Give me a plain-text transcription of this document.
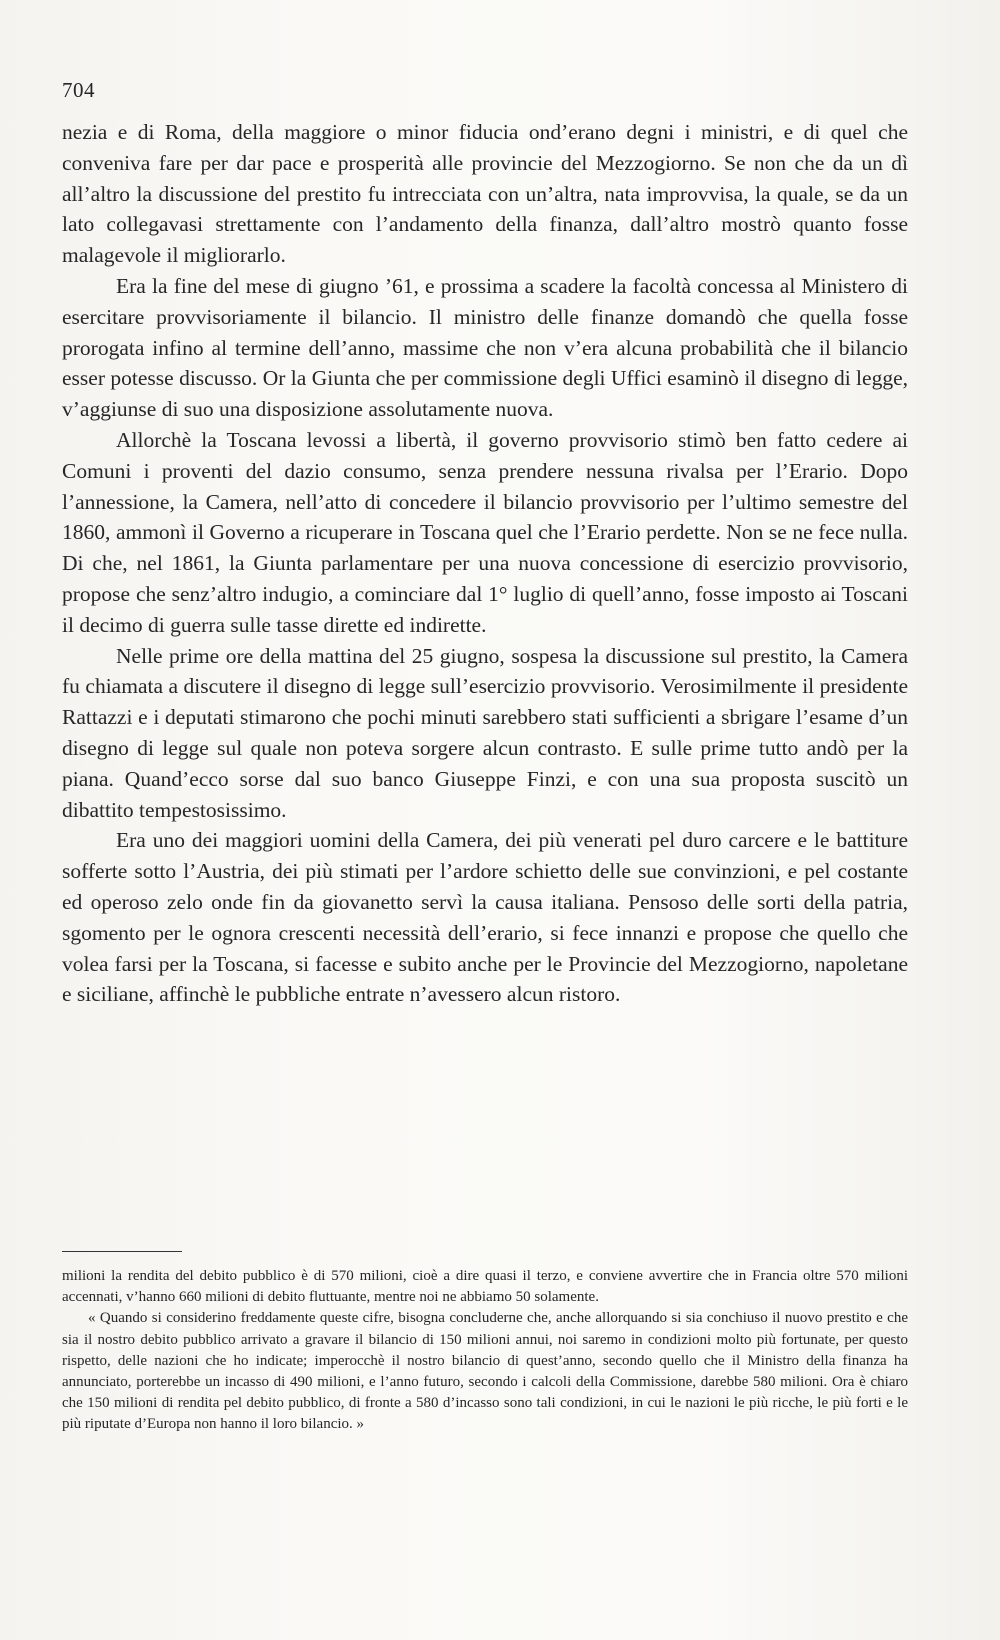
704

nezia e di Roma, della maggiore o minor fiducia ond’erano degni i ministri, e di quel che conveniva fare per dar pace e prosperità alle provincie del Mezzogiorno. Se non che da un dì all’altro la discussione del prestito fu intrecciata con un’altra, nata improvvisa, la quale, se da un lato collegavasi strettamente con l’andamento della finanza, dall’altro mostrò quanto fosse malagevole il migliorarlo.

Era la fine del mese di giugno ’61, e prossima a scadere la facoltà concessa al Ministero di esercitare provvisoriamente il bilancio. Il ministro delle finanze domandò che quella fosse prorogata infino al termine dell’anno, massime che non v’era alcuna probabilità che il bilancio esser potesse discusso. Or la Giunta che per commissione degli Uffici esaminò il disegno di legge, v’aggiunse di suo una disposizione assolutamente nuova.

Allorchè la Toscana levossi a libertà, il governo provvisorio stimò ben fatto cedere ai Comuni i proventi del dazio consumo, senza prendere nessuna rivalsa per l’Erario. Dopo l’annessione, la Camera, nell’atto di concedere il bilancio provvisorio per l’ultimo semestre del 1860, ammonì il Governo a ricuperare in Toscana quel che l’Erario perdette. Non se ne fece nulla. Di che, nel 1861, la Giunta parlamentare per una nuova concessione di esercizio provvisorio, propose che senz’altro indugio, a cominciare dal 1° luglio di quell’anno, fosse imposto ai Toscani il decimo di guerra sulle tasse dirette ed indirette.

Nelle prime ore della mattina del 25 giugno, sospesa la discussione sul prestito, la Camera fu chiamata a discutere il disegno di legge sull’esercizio provvisorio. Verosimilmente il presidente Rattazzi e i deputati stimarono che pochi minuti sarebbero stati sufficienti a sbrigare l’esame d’un disegno di legge sul quale non poteva sorgere alcun contrasto. E sulle prime tutto andò per la piana. Quand’ecco sorse dal suo banco Giuseppe Finzi, e con una sua proposta suscitò un dibattito tempestosissimo.

Era uno dei maggiori uomini della Camera, dei più venerati pel duro carcere e le battiture sofferte sotto l’Austria, dei più stimati per l’ardore schietto delle sue convinzioni, e pel costante ed operoso zelo onde fin da giovanetto servì la causa italiana. Pensoso delle sorti della patria, sgomento per le ognora crescenti necessità dell’erario, si fece innanzi e propose che quello che volea farsi per la Toscana, si facesse e subito anche per le Provincie del Mezzogiorno, napoletane e siciliane, affinchè le pubbliche entrate n’avessero alcun ristoro.

milioni la rendita del debito pubblico è di 570 milioni, cioè a dire quasi il terzo, e conviene avvertire che in Francia oltre 570 milioni accennati, v’hanno 660 milioni di debito fluttuante, mentre noi ne abbiamo 50 solamente.

« Quando si considerino freddamente queste cifre, bisogna concluderne che, anche allorquando si sia conchiuso il nuovo prestito e che sia il nostro debito pubblico arrivato a gravare il bilancio di 150 milioni annui, noi saremo in condizioni molto più fortunate, per questo rispetto, delle nazioni che ho indicate; imperocchè il nostro bilancio di quest’anno, secondo quello che il Ministro della finanza ha annunciato, porterebbe un incasso di 490 milioni, e l’anno futuro, secondo i calcoli della Commissione, darebbe 580 milioni. Ora è chiaro che 150 milioni di rendita pel debito pubblico, di fronte a 580 d’incasso sono tali condizioni, in cui le nazioni le più ricche, le più forti e le più riputate d’Europa non hanno il loro bilancio. »
